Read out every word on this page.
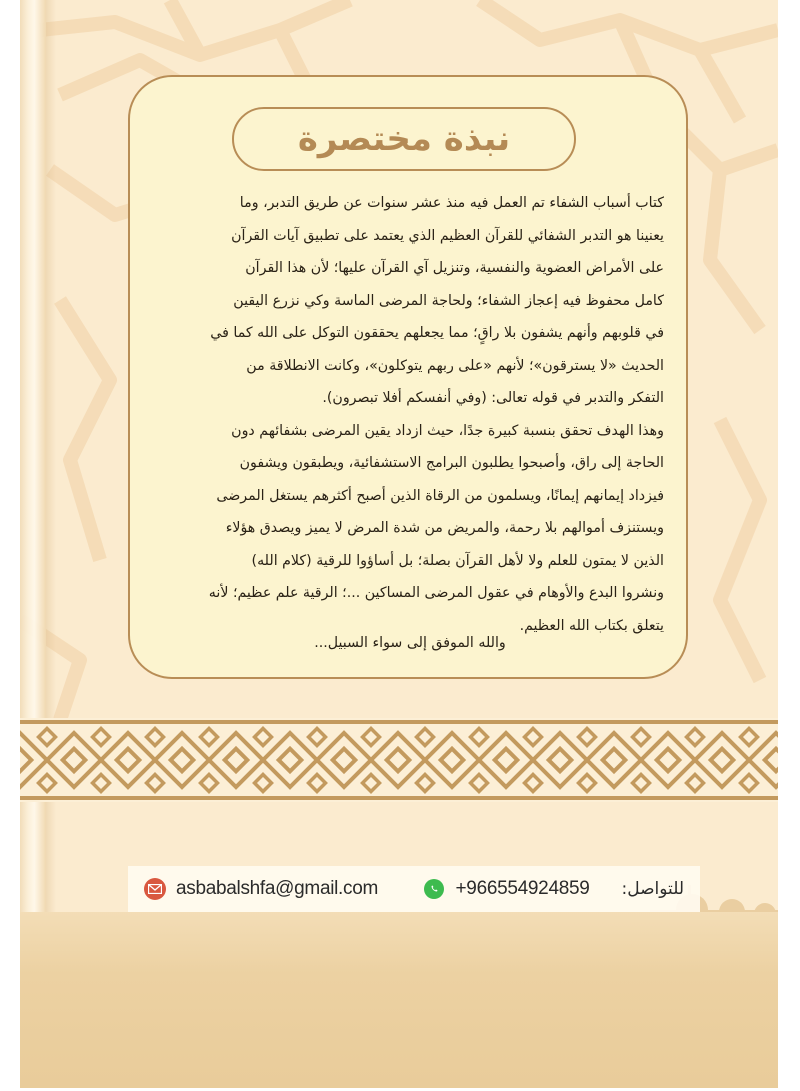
نبذة مختصرة
كتاب أسباب الشفاء تم العمل فيه منذ عشر سنوات عن طريق التدبر، وما
يعنينا هو التدبر الشفائي للقرآن العظيم الذي يعتمد على تطبيق آيات القرآن
على الأمراض العضوية والنفسية، وتنزيل آي القرآن عليها؛ لأن هذا القرآن
كامل محفوظ فيه إعجاز الشفاء؛ ولحاجة المرضى الماسة وكي نزرع اليقين
في قلوبهم وأنهم يشفون بلا راقٍ؛ مما يجعلهم يحققون التوكل على الله كما في
الحديث «لا يسترقون»؛ لأنهم «على ربهم يتوكلون»، وكانت الانطلاقة من
التفكر والتدبر في قوله تعالى: (وفي أنفسكم أفلا تبصرون).
وهذا الهدف تحقق بنسبة كبيرة جدًا، حيث ازداد يقين المرضى بشفائهم دون
الحاجة إلى راق، وأصبحوا يطلبون البرامج الاستشفائية، ويطبقون ويشفون
فيزداد إيمانهم إيمانًا، ويسلمون من الرقاة الذين أصبح أكثرهم يستغل المرضى
ويستنزف أموالهم بلا رحمة، والمريض من شدة المرض لا يميز ويصدق هؤلاء
الذين لا يمتون للعلم ولا لأهل القرآن بصلة؛ بل أساؤوا للرقية (كلام الله)
ونشروا البدع والأوهام في عقول المرضى المساكين ...؛ الرقية علم عظيم؛ لأنه
يتعلق بكتاب الله العظيم.
والله الموفق إلى سواء السبيل...
asbabalshfa@gmail.com	+966554924859 للتواصل:
